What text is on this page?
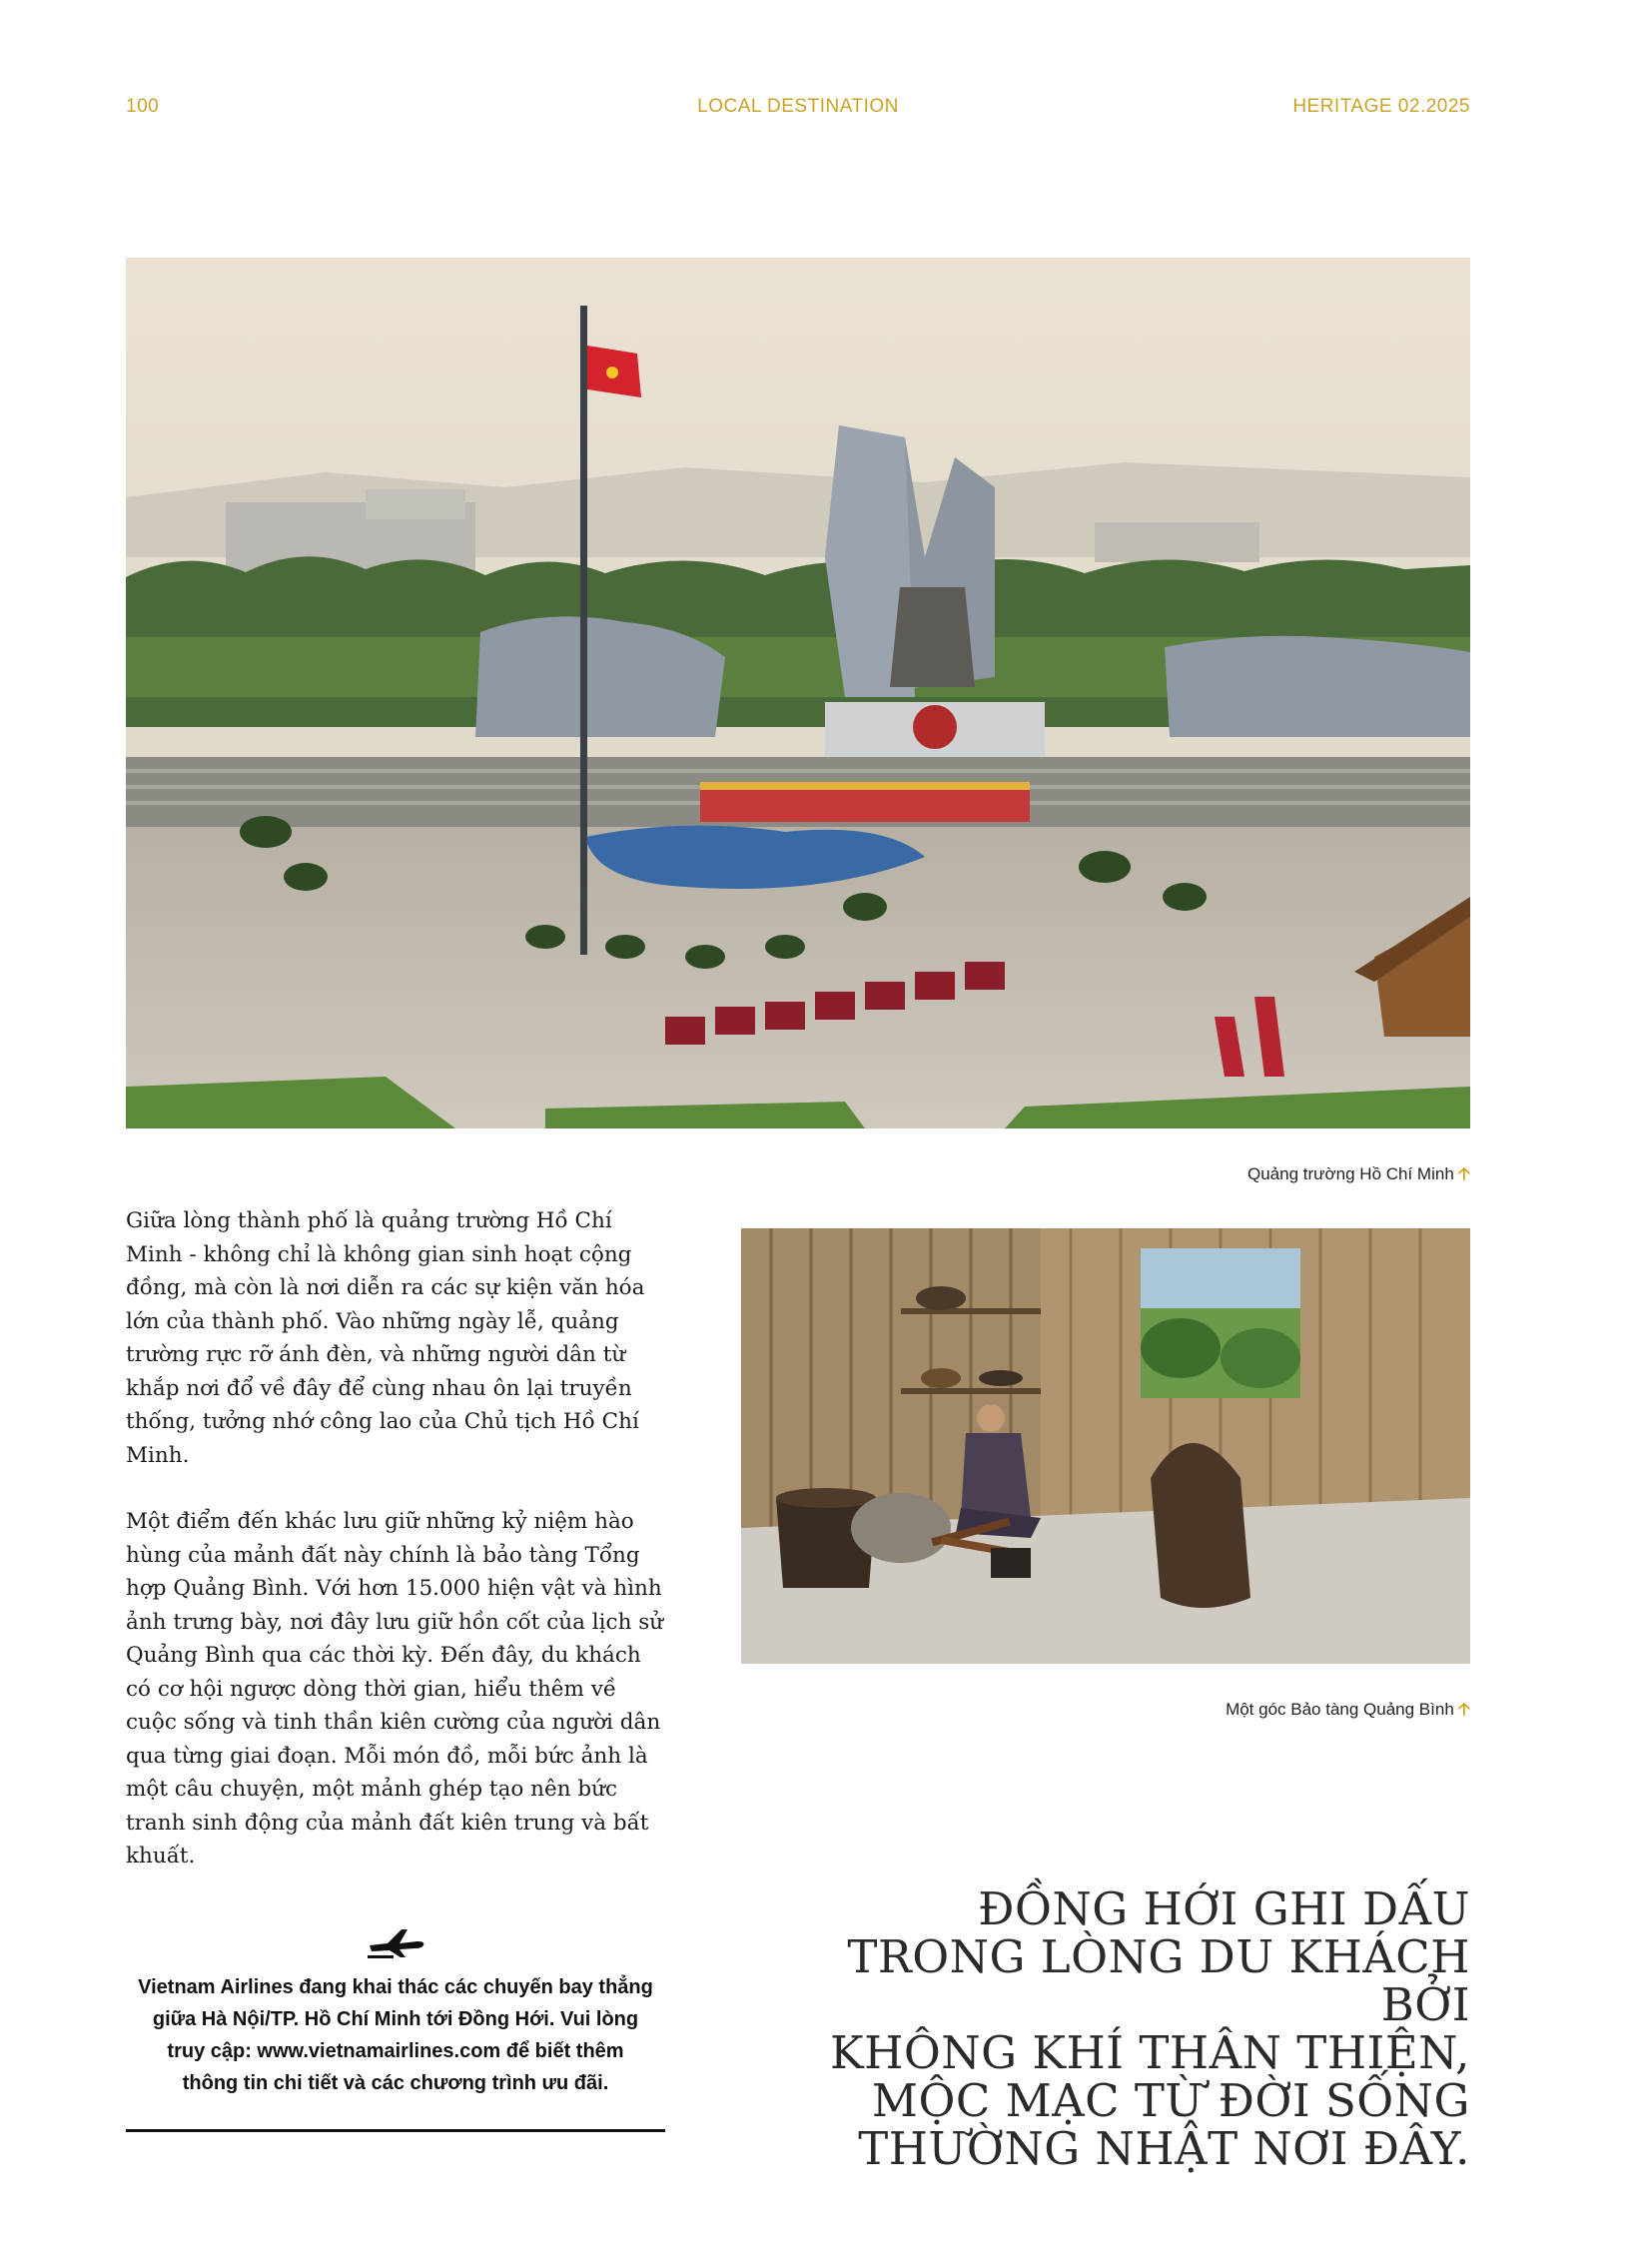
100	LOCAL DESTINATION	HERITAGE 02.2025
Quảng trường Hồ Chí Minh 🡡
Một góc Bảo tàng Quảng Bình 🡡

Giữa lòng thành phố là quảng trường Hồ Chí Minh - không chỉ là không gian sinh hoạt cộng đồng, mà còn là nơi diễn ra các sự kiện văn hóa lớn của thành phố. Vào những ngày lễ, quảng trường rực rỡ ánh đèn, và những người dân từ khắp nơi đổ về đây để cùng nhau ôn lại truyền thống, tưởng nhớ công lao của Chủ tịch Hồ Chí Minh.

Một điểm đến khác lưu giữ những kỷ niệm hào hùng của mảnh đất này chính là bảo tàng Tổng hợp Quảng Bình. Với hơn 15.000 hiện vật và hình ảnh trưng bày, nơi đây lưu giữ hồn cốt của lịch sử Quảng Bình qua các thời kỳ. Đến đây, du khách có cơ hội ngược dòng thời gian, hiểu thêm về cuộc sống và tinh thần kiên cường của người dân qua từng giai đoạn. Mỗi món đồ, mỗi bức ảnh là một câu chuyện, một mảnh ghép tạo nên bức tranh sinh động của mảnh đất kiên trung và bất khuất.

Vietnam Airlines đang khai thác các chuyến bay thẳng giữa Hà Nội/TP. Hồ Chí Minh tới Đồng Hới. Vui lòng truy cập: www.vietnamairlines.com để biết thêm thông tin chi tiết và các chương trình ưu đãi.
ĐỒNG HỚI GHI DẤU
TRONG LÒNG DU KHÁCH BỞI
KHÔNG KHÍ THÂN THIỆN,
MỘC MẠC TỪ ĐỜI SỐNG
THƯỜNG NHẬT NƠI ĐÂY.
